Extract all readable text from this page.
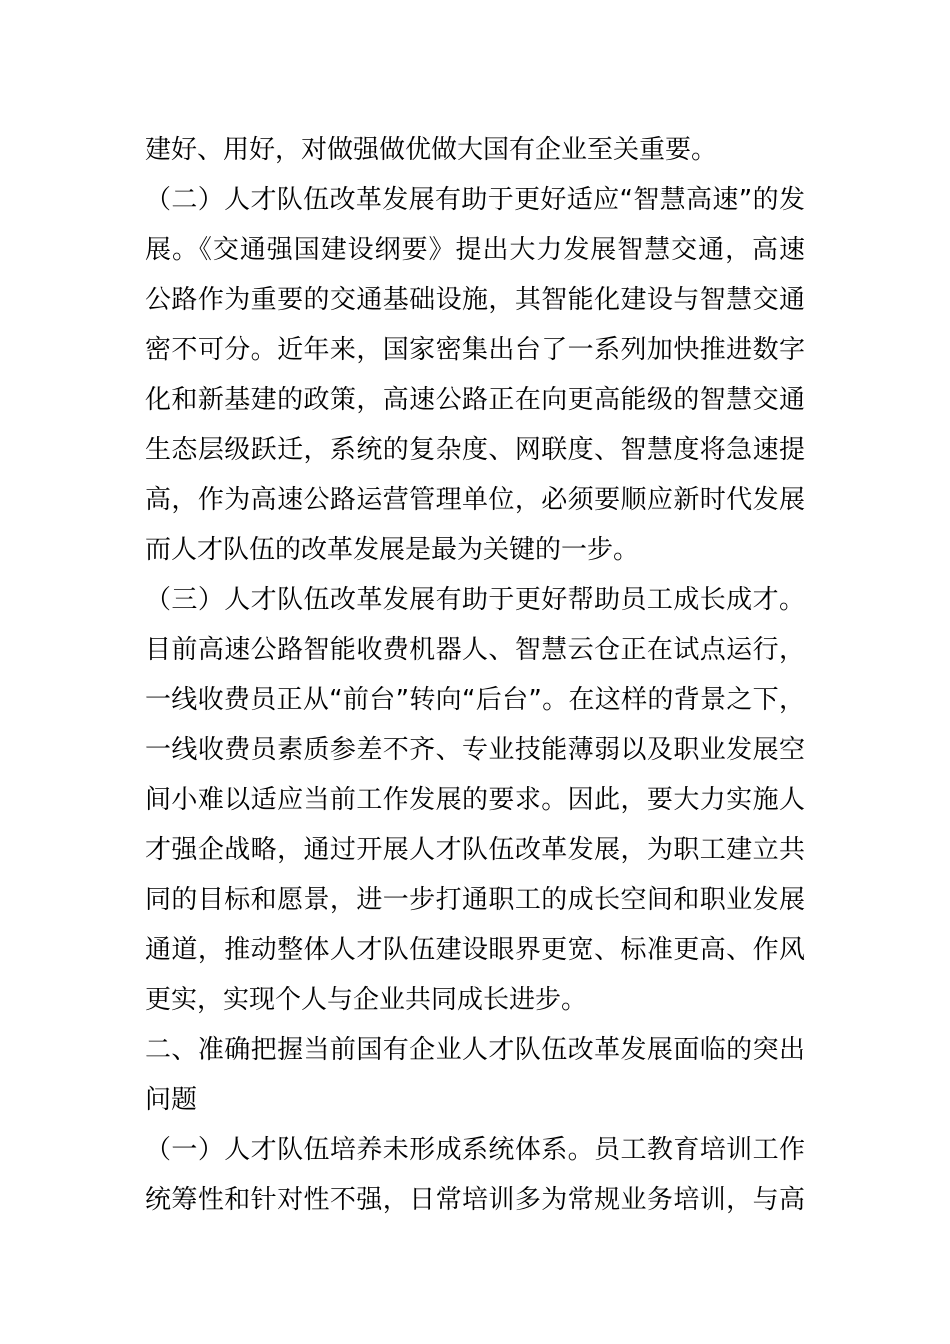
建好、用好，对做强做优做大国有企业至关重要。
（二）人才队伍改革发展有助于更好适应“智慧高速”的发
展。《交通强国建设纲要》提出大力发展智慧交通，高速
公路作为重要的交通基础设施，其智能化建设与智慧交通
密不可分。近年来，国家密集出台了一系列加快推进数字
化和新基建的政策，高速公路正在向更高能级的智慧交通
生态层级跃迁，系统的复杂度、网联度、智慧度将急速提
高，作为高速公路运营管理单位，必须要顺应新时代发展
而人才队伍的改革发展是最为关键的一步。
（三）人才队伍改革发展有助于更好帮助员工成长成才。
目前高速公路智能收费机器人、智慧云仓正在试点运行，
一线收费员正从“前台”转向“后台”。在这样的背景之下，
一线收费员素质参差不齐、专业技能薄弱以及职业发展空
间小难以适应当前工作发展的要求。因此，要大力实施人
才强企战略，通过开展人才队伍改革发展，为职工建立共
同的目标和愿景，进一步打通职工的成长空间和职业发展
通道，推动整体人才队伍建设眼界更宽、标准更高、作风
更实，实现个人与企业共同成长进步。
二、准确把握当前国有企业人才队伍改革发展面临的突出
问题
（一）人才队伍培养未形成系统体系。员工教育培训工作
统筹性和针对性不强，日常培训多为常规业务培训，与高
